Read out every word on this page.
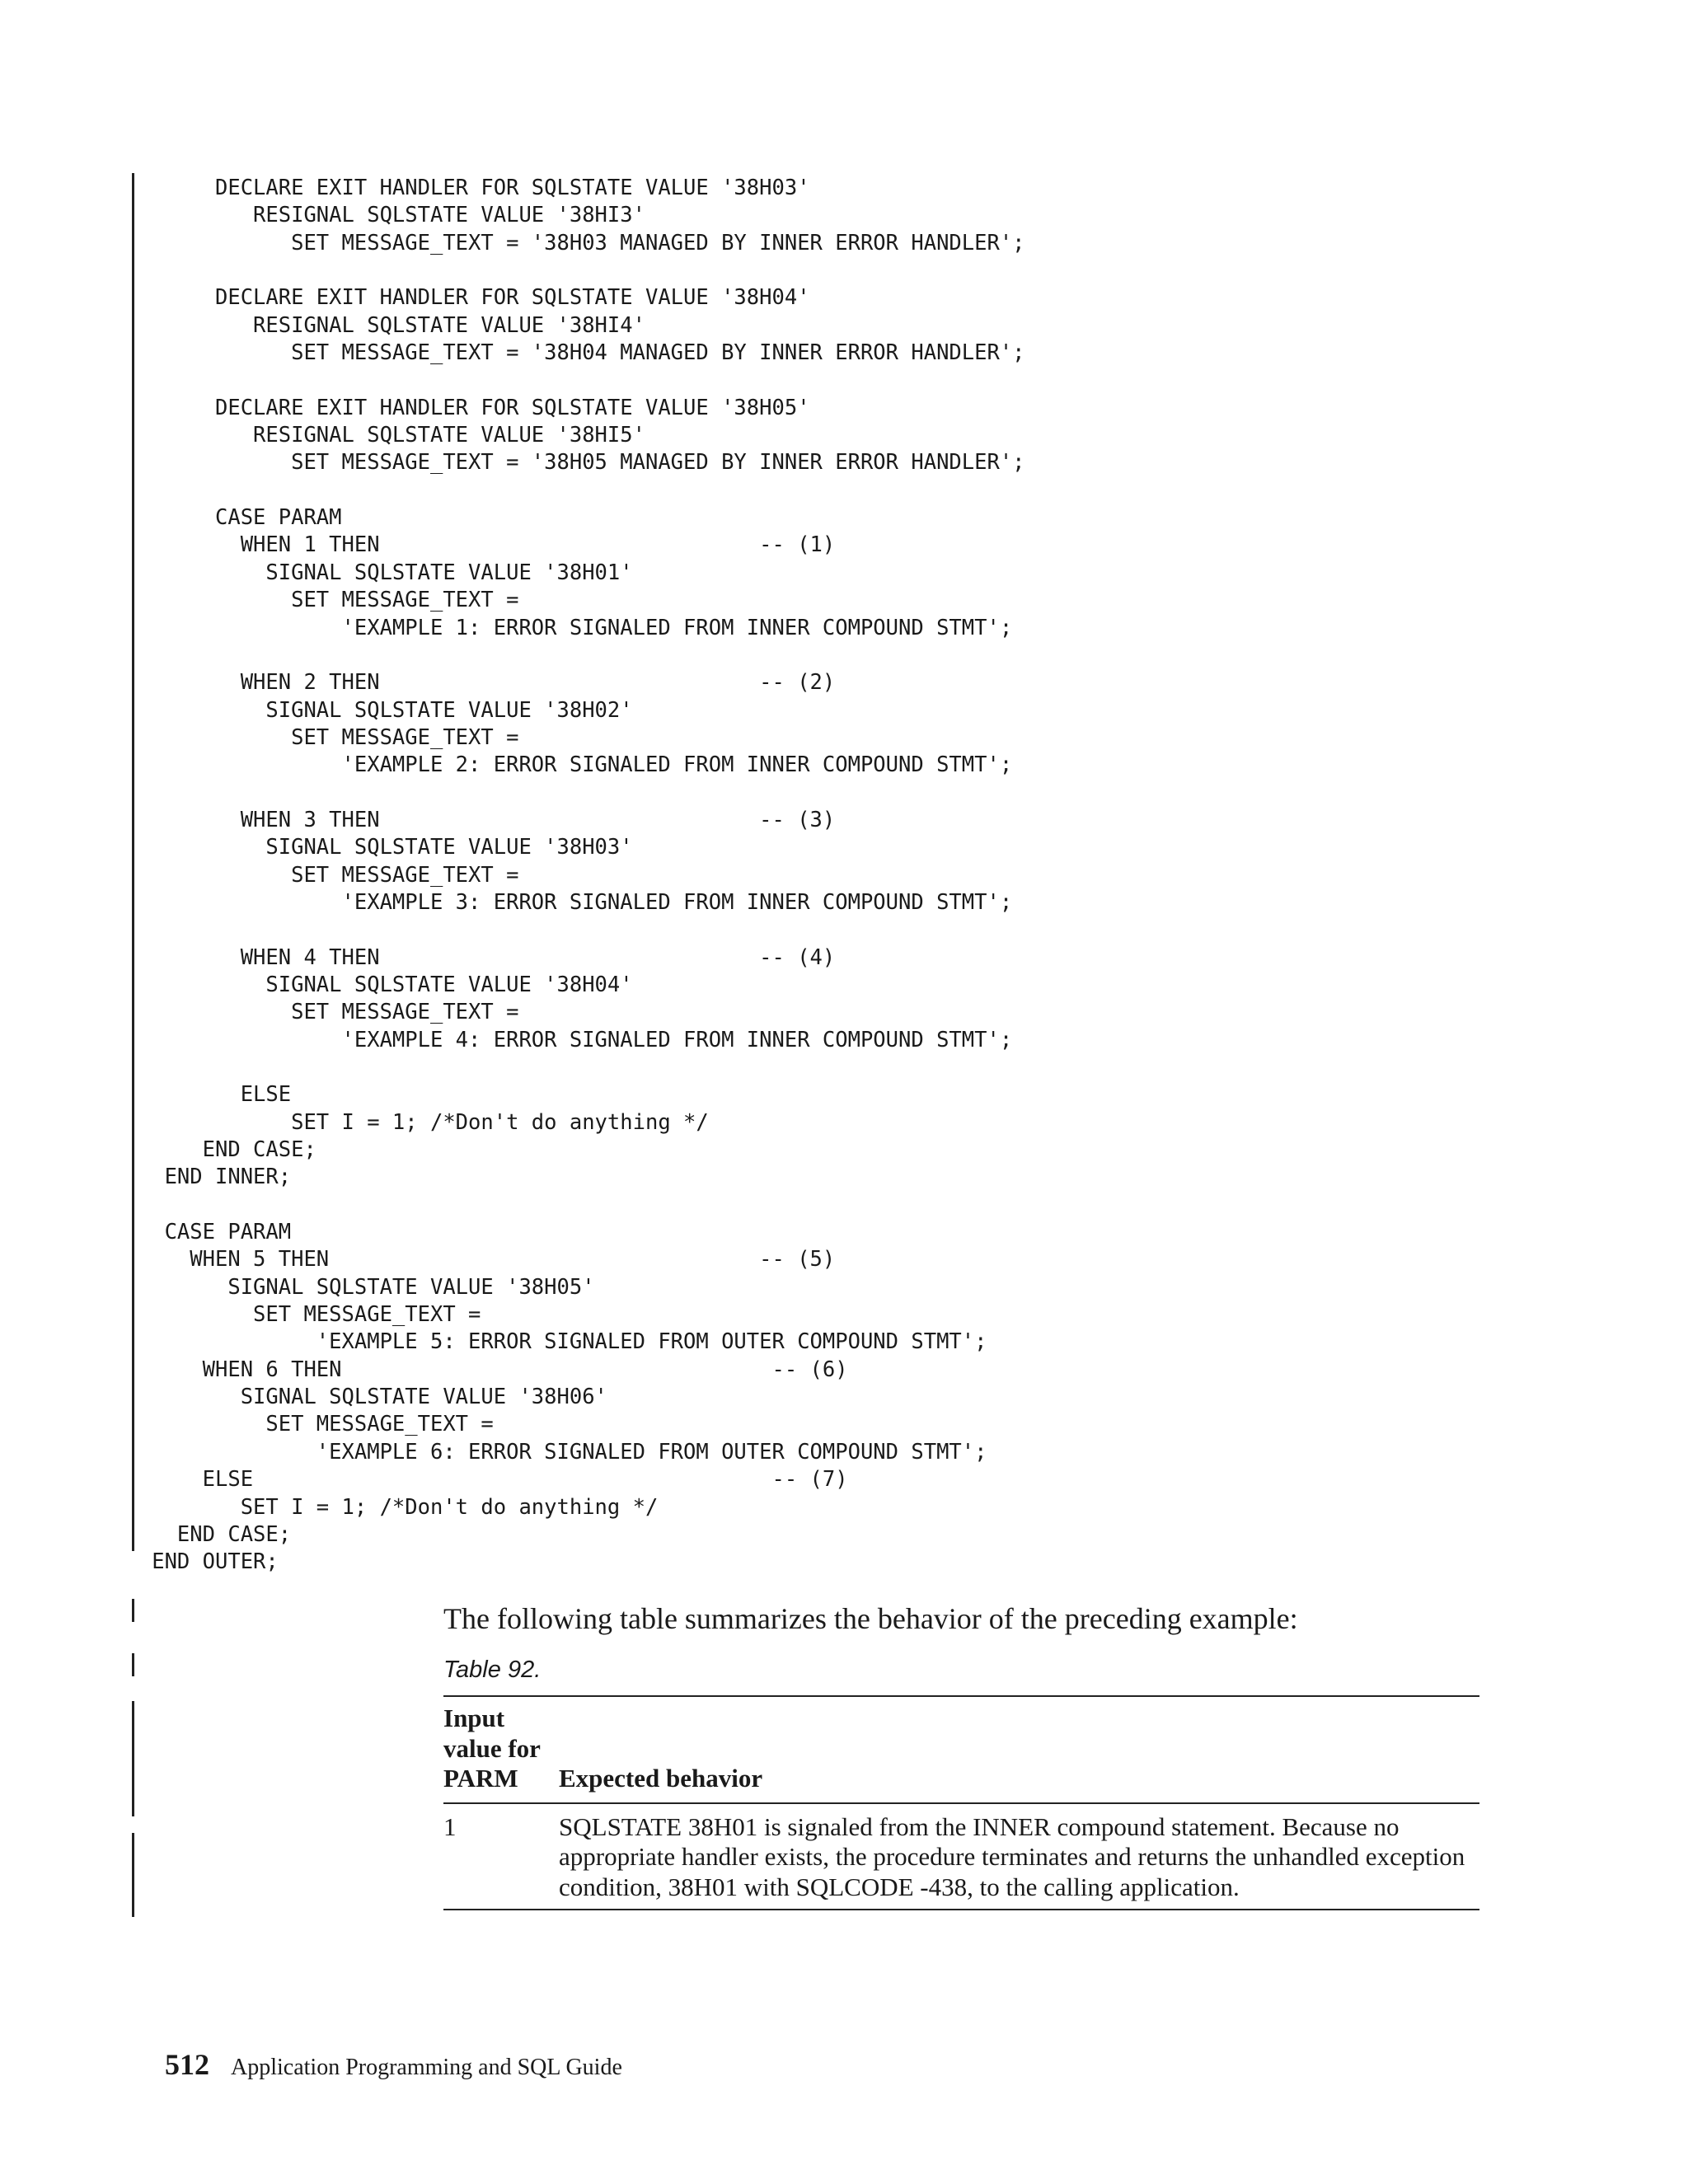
DECLARE EXIT HANDLER FOR SQLSTATE VALUE '38H03'
RESIGNAL SQLSTATE VALUE '38HI3'
SET MESSAGE_TEXT = '38H03 MANAGED BY INNER ERROR HANDLER';
DECLARE EXIT HANDLER FOR SQLSTATE VALUE '38H04'
RESIGNAL SQLSTATE VALUE '38HI4'
SET MESSAGE_TEXT = '38H04 MANAGED BY INNER ERROR HANDLER';
DECLARE EXIT HANDLER FOR SQLSTATE VALUE '38H05'
RESIGNAL SQLSTATE VALUE '38HI5'
SET MESSAGE_TEXT = '38H05 MANAGED BY INNER ERROR HANDLER';
CASE PARAM
WHEN 1 THEN                              -- (1)
SIGNAL SQLSTATE VALUE '38H01'
SET MESSAGE_TEXT =
'EXAMPLE 1: ERROR SIGNALED FROM INNER COMPOUND STMT';
WHEN 2 THEN                              -- (2)
SIGNAL SQLSTATE VALUE '38H02'
SET MESSAGE_TEXT =
'EXAMPLE 2: ERROR SIGNALED FROM INNER COMPOUND STMT';
WHEN 3 THEN                              -- (3)
SIGNAL SQLSTATE VALUE '38H03'
SET MESSAGE_TEXT =
'EXAMPLE 3: ERROR SIGNALED FROM INNER COMPOUND STMT';
WHEN 4 THEN                              -- (4)
SIGNAL SQLSTATE VALUE '38H04'
SET MESSAGE_TEXT =
'EXAMPLE 4: ERROR SIGNALED FROM INNER COMPOUND STMT';
ELSE
SET I = 1; /*Don't do anything */
END CASE;
END INNER;
CASE PARAM
WHEN 5 THEN                                  -- (5)
SIGNAL SQLSTATE VALUE '38H05'
SET MESSAGE_TEXT =
'EXAMPLE 5: ERROR SIGNALED FROM OUTER COMPOUND STMT';
WHEN 6 THEN                                  -- (6)
SIGNAL SQLSTATE VALUE '38H06'
SET MESSAGE_TEXT =
'EXAMPLE 6: ERROR SIGNALED FROM OUTER COMPOUND STMT';
ELSE                                         -- (7)
SET I = 1; /*Don't do anything */
END CASE;
END OUTER;

The following table summarizes the behavior of the preceding example:

Table 92.

Input value for PARM	Expected behavior
1	SQLSTATE 38H01 is signaled from the INNER compound statement. Because no appropriate handler exists, the procedure terminates and returns the unhandled exception condition, 38H01 with SQLCODE -438, to the calling application.
512 Application Programming and SQL Guide
